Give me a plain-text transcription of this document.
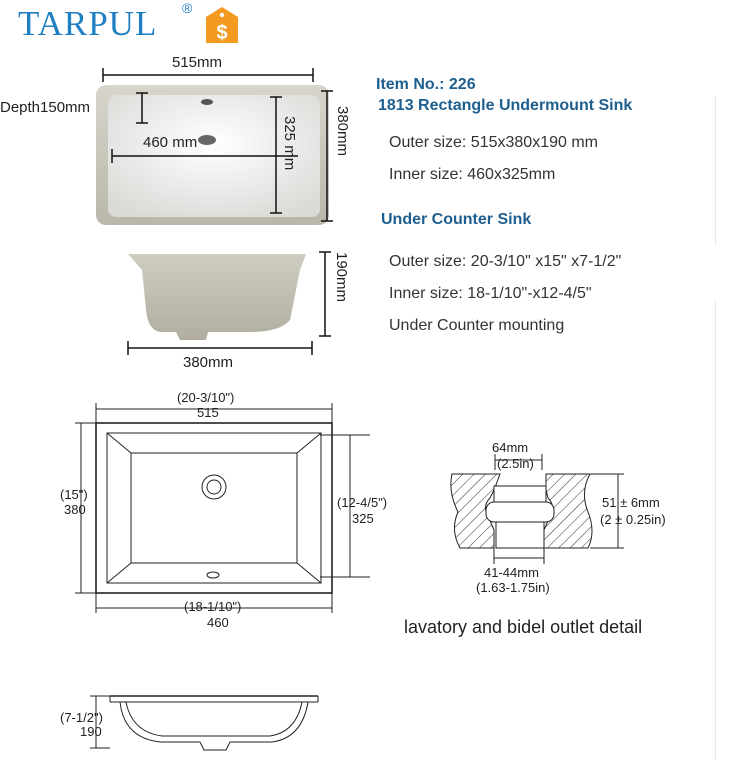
TARPUL ®
$
515mm
Depth150mm
460 mm	325 mm 380mm
380mm
190mm
Item No.: 226
1813 Rectangle Undermount Sink
Outer size: 515x380x190 mm
Inner size: 460x325mm
Under Counter Sink
Outer size: 20-3/10" x15" x7-1/2"
Inner size: 18-1/10"-x12-4/5"
Under Counter mounting
(20-3/10")
515
(15")
380	(12-4/5")
325
(18-1/10")
460
64mm
(2.5in)
51 ± 6mm
(2 ± 0.25in)
41-44mm
(1.63-1.75in)
lavatory and bidel outlet detail
(7-1/2")
190
